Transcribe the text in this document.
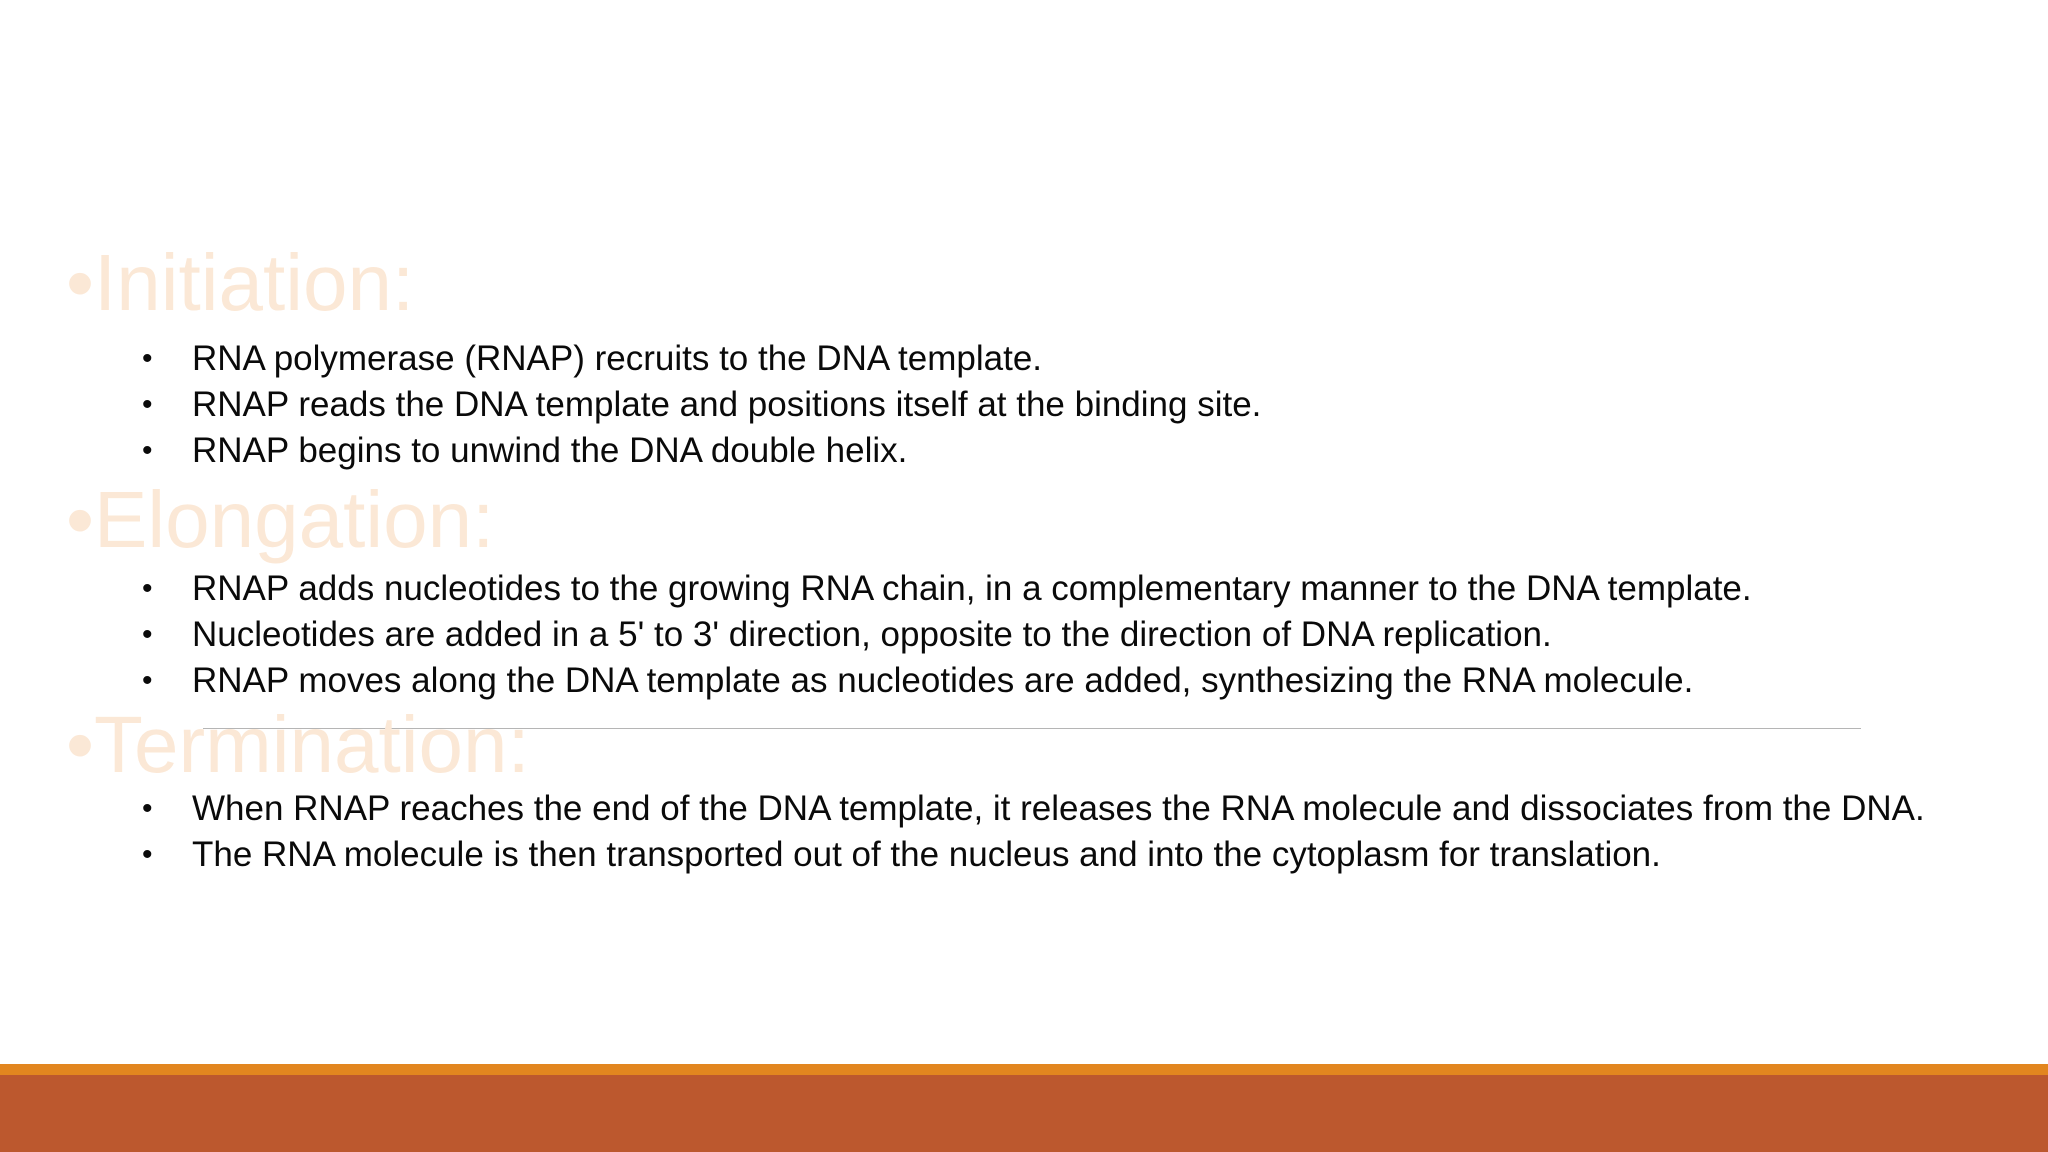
•Initiation:
• RNA polymerase (RNAP) recruits to the DNA template.
• RNAP reads the DNA template and positions itself at the binding site.
• RNAP begins to unwind the DNA double helix.
•Elongation:
• RNAP adds nucleotides to the growing RNA chain, in a complementary manner to the DNA template.
• Nucleotides are added in a 5' to 3' direction, opposite to the direction of DNA replication.
• RNAP moves along the DNA template as nucleotides are added, synthesizing the RNA molecule.
•Termination:
• When RNAP reaches the end of the DNA template, it releases the RNA molecule and dissociates from the DNA.
• The RNA molecule is then transported out of the nucleus and into the cytoplasm for translation.
